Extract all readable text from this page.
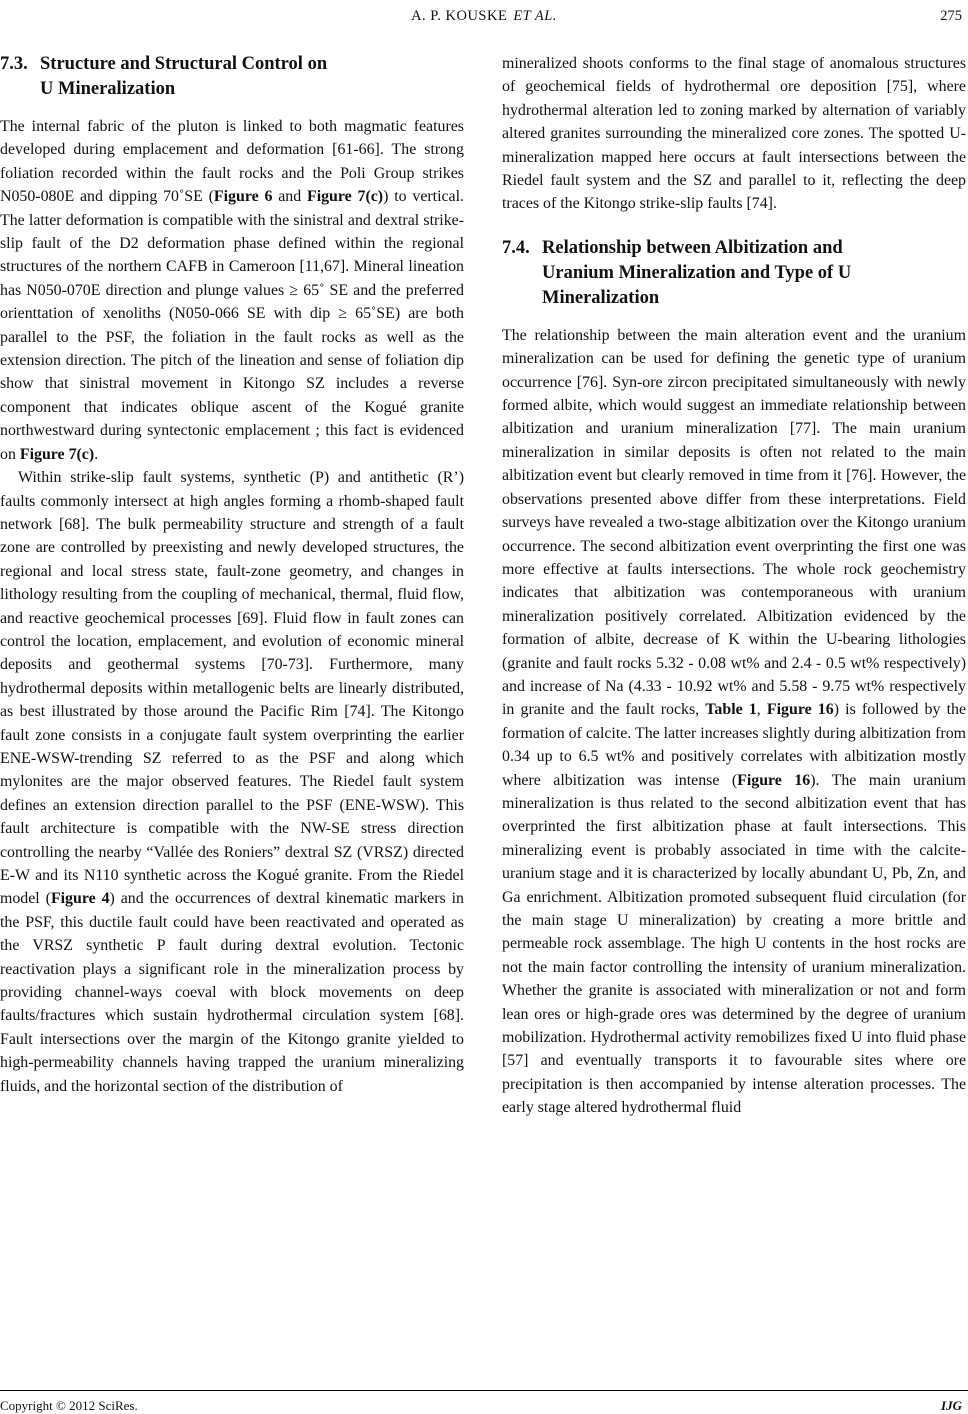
A. P. KOUSKE ET AL.	275
7.3. Structure and Structural Control on
U Mineralization

The internal fabric of the pluton is linked to both magmatic features developed during emplacement and deformation [61-66]. The strong foliation recorded within the fault rocks and the Poli Group strikes N050-080E and dipping 70˚SE (Figure 6 and Figure 7(c)) to vertical. The latter deformation is compatible with the sinistral and dextral strike-slip fault of the D2 deformation phase defined within the regional structures of the northern CAFB in Cameroon [11,67]. Mineral lineation has N050-070E direction and plunge values ≥ 65˚ SE and the preferred orienttation of xenoliths (N050-066 SE with dip ≥ 65˚SE) are both parallel to the PSF, the foliation in the fault rocks as well as the extension direction. The pitch of the lineation and sense of foliation dip show that sinistral movement in Kitongo SZ includes a reverse component that indicates oblique ascent of the Kogué granite northwestward during syntectonic emplacement ; this fact is evidenced on Figure 7(c).

Within strike-slip fault systems, synthetic (P) and antithetic (R’) faults commonly intersect at high angles forming a rhomb-shaped fault network [68]. The bulk permeability structure and strength of a fault zone are controlled by preexisting and newly developed structures, the regional and local stress state, fault-zone geometry, and changes in lithology resulting from the coupling of mechanical, thermal, fluid flow, and reactive geochemical processes [69]. Fluid flow in fault zones can control the location, emplacement, and evolution of economic mineral deposits and geothermal systems [70-73]. Furthermore, many hydrothermal deposits within metallogenic belts are linearly distributed, as best illustrated by those around the Pacific Rim [74]. The Kitongo fault zone consists in a conjugate fault system overprinting the earlier ENE-WSW-trending SZ referred to as the PSF and along which mylonites are the major observed features. The Riedel fault system defines an extension direction parallel to the PSF (ENE-WSW). This fault architecture is compatible with the NW-SE stress direction controlling the nearby “Vallée des Roniers” dextral SZ (VRSZ) directed E-W and its N110 synthetic across the Kogué granite. From the Riedel model (Figure 4) and the occurrences of dextral kinematic markers in the PSF, this ductile fault could have been reactivated and operated as the VRSZ synthetic P fault during dextral evolution. Tectonic reactivation plays a significant role in the mineralization process by providing channel-ways coeval with block movements on deep faults/fractures which sustain hydrothermal circulation system [68]. Fault intersections over the margin of the Kitongo granite yielded to high-permeability channels having trapped the uranium mineralizing fluids, and the horizontal section of the distribution of

mineralized shoots conforms to the final stage of anomalous structures of geochemical fields of hydrothermal ore deposition [75], where hydrothermal alteration led to zoning marked by alternation of variably altered granites surrounding the mineralized core zones. The spotted U-mineralization mapped here occurs at fault intersections between the Riedel fault system and the SZ and parallel to it, reflecting the deep traces of the Kitongo strike-slip faults [74].

7.4. Relationship between Albitization and
Uranium Mineralization and Type of U
Mineralization

The relationship between the main alteration event and the uranium mineralization can be used for defining the genetic type of uranium occurrence [76]. Syn-ore zircon precipitated simultaneously with newly formed albite, which would suggest an immediate relationship between albitization and uranium mineralization [77]. The main uranium mineralization in similar deposits is often not related to the main albitization event but clearly removed in time from it [76]. However, the observations presented above differ from these interpretations. Field surveys have revealed a two-stage albitization over the Kitongo uranium occurrence. The second albitization event overprinting the first one was more effective at faults intersections. The whole rock geochemistry indicates that albitization was contemporaneous with uranium mineralization positively correlated. Albitization evidenced by the formation of albite, decrease of K within the U-bearing lithologies (granite and fault rocks 5.32 - 0.08 wt% and 2.4 - 0.5 wt% respectively) and increase of Na (4.33 - 10.92 wt% and 5.58 - 9.75 wt% respectively in granite and the fault rocks, Table 1, Figure 16) is followed by the formation of calcite. The latter increases slightly during albitization from 0.34 up to 6.5 wt% and positively correlates with albitization mostly where albitization was intense (Figure 16). The main uranium mineralization is thus related to the second albitization event that has overprinted the first albitization phase at fault intersections. This mineralizing event is probably associated in time with the calcite- uranium stage and it is characterized by locally abundant U, Pb, Zn, and Ga enrichment. Albitization promoted subsequent fluid circulation (for the main stage U mineralization) by creating a more brittle and permeable rock assemblage. The high U contents in the host rocks are not the main factor controlling the intensity of uranium mineralization. Whether the granite is associated with mineralization or not and form lean ores or high-grade ores was determined by the degree of uranium mobilization. Hydrothermal activity remobilizes fixed U into fluid phase [57] and eventually transports it to favourable sites where ore precipitation is then accompanied by intense alteration processes. The early stage altered hydrothermal fluid

Copyright © 2012 SciRes.	IJG
